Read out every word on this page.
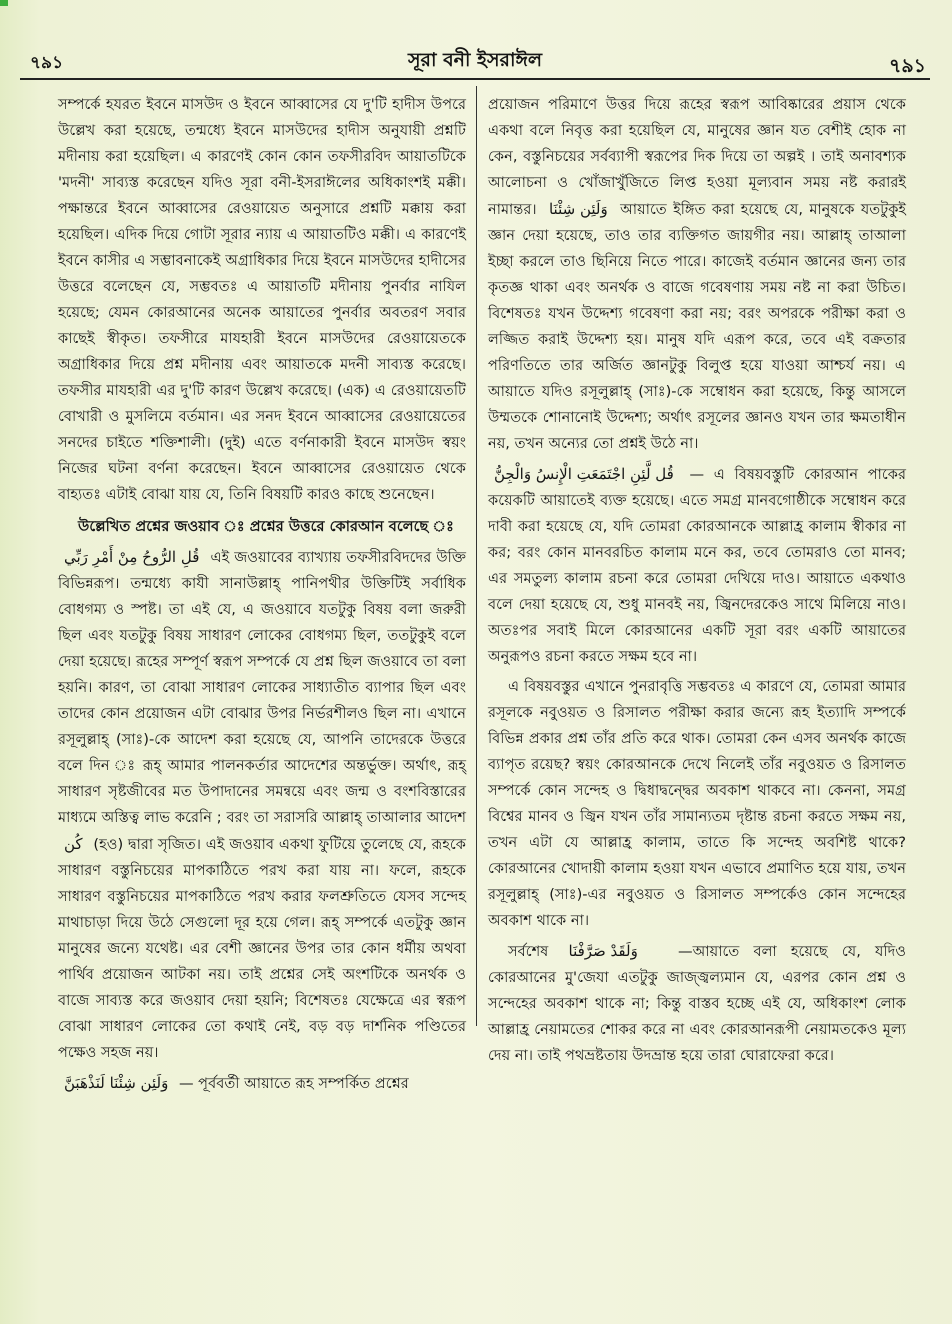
৭৯১	সূরা বনী ইসরাঈল	৭৯১

সম্পর্কে হযরত ইবনে মাসউদ ও ইবনে আব্বাসের যে দু'টি হাদীস উপরে উল্লেখ করা হয়েছে, তন্মধ্যে ইবনে মাসউদের হাদীস অনুযায়ী প্রশ্নটি মদীনায় করা হয়েছিল। এ কারণেই কোন কোন তফসীরবিদ আয়াতটিকে 'মদনী' সাব্যস্ত করেছেন যদিও সূরা বনী-ইসরাঈলের অধিকাংশই মক্কী। পক্ষান্তরে ইবনে আব্বাসের রেওয়ায়েত অনুসারে প্রশ্নটি মক্কায় করা হয়েছিল। এদিক দিয়ে গোটা সূরার ন্যায় এ আয়াতটিও মক্কী। এ কারণেই ইবনে কাসীর এ সম্ভাবনাকেই অগ্রাধিকার দিয়ে ইবনে মাসউদের হাদীসের উত্তরে বলেছেন যে, সম্ভবতঃ এ আয়াতটি মদীনায় পুনর্বার নাযিল হয়েছে; যেমন কোরআনের অনেক আয়াতের পুনর্বার অবতরণ সবার কাছেই স্বীকৃত। তফসীরে মাযহারী ইবনে মাসউদের রেওয়ায়েতকে অগ্রাধিকার দিয়ে প্রশ্ন মদীনায় এবং আয়াতকে মদনী সাব্যস্ত করেছে। তফসীর মাযহারী এর দু'টি কারণ উল্লেখ করেছে। (এক) এ রেওয়ায়েতটি বোখারী ও মুসলিমে বর্তমান। এর সনদ ইবনে আব্বাসের রেওয়ায়েতের সনদের চাইতে শক্তিশালী। (দুই) এতে বর্ণনাকারী ইবনে মাসউদ স্বয়ং নিজের ঘটনা বর্ণনা করেছেন। ইবনে আব্বাসের রেওয়ায়েত থেকে বাহ্যতঃ এটাই বোঝা যায় যে, তিনি বিষয়টি কারও কাছে শুনেছেন।

উল্লেখিত প্রশ্নের জওয়াব ঃ প্রশ্নের উত্তরে কোরআন বলেছে ঃ

قُلِ الرُّوحُ مِنْ أَمْرِ رَبِّي এই জওয়াবের ব্যাখ্যায় তফসীরবিদদের উক্তি বিভিন্নরূপ। তন্মধ্যে কাযী সানাউল্লাহ্ পানিপথীর উক্তিটিই সর্বাধিক বোধগম্য ও স্পষ্ট। তা এই যে, এ জওয়াবে যতটুকু বিষয় বলা জরুরী ছিল এবং যতটুকু বিষয় সাধারণ লোকের বোধগম্য ছিল, ততটুকুই বলে দেয়া হয়েছে। রূহের সম্পূর্ণ স্বরূপ সম্পর্কে যে প্রশ্ন ছিল জওয়াবে তা বলা হয়নি। কারণ, তা বোঝা সাধারণ লোকের সাধ্যাতীত ব্যাপার ছিল এবং তাদের কোন প্রয়োজন এটা বোঝার উপর নির্ভরশীলও ছিল না। এখানে রসূলুল্লাহ্ (সাঃ)-কে আদেশ করা হয়েছে যে, আপনি তাদেরকে উত্তরে বলে দিন ঃ রূহ্ আমার পালনকর্তার আদেশের অন্তর্ভুক্ত। অর্থাৎ, রূহ্ সাধারণ সৃষ্টজীবের মত উপাদানের সমন্বয়ে এবং জন্ম ও বংশবিস্তারের মাধ্যমে অস্তিত্ব লাভ করেনি ; বরং তা সরাসরি আল্লাহ্ তাআলার আদেশ كُن (হও) দ্বারা সৃজিত। এই জওয়াব একথা ফুটিয়ে তুলেছে যে, রূহকে সাধারণ বস্তুনিচয়ের মাপকাঠিতে পরখ করা যায় না। ফলে, রূহকে সাধারণ বস্তুনিচয়ের মাপকাঠিতে পরখ করার ফলশ্রুতিতে যেসব সন্দেহ মাথাচাড়া দিয়ে উঠে সেগুলো দূর হয়ে গেল। রূহ্ সম্পর্কে এতটুকু জ্ঞান মানুষের জন্যে যথেষ্ট। এর বেশী জ্ঞানের উপর তার কোন ধর্মীয় অথবা পার্থিব প্রয়োজন আটকা নয়। তাই প্রশ্নের সেই অংশটিকে অনর্থক ও বাজে সাব্যস্ত করে জওয়াব দেয়া হয়নি; বিশেষতঃ যেক্ষেত্রে এর স্বরূপ বোঝা সাধারণ লোকের তো কথাই নেই, বড় বড় দার্শনিক পণ্ডিতের পক্ষেও সহজ নয়।

وَلَئِن شِئْنَا لَنَذْهَبَنَّ — পূর্ববর্তী আয়াতে রূহ সম্পর্কিত প্রশ্নের

প্রয়োজন পরিমাণে উত্তর দিয়ে রূহের স্বরূপ আবিষ্কারের প্রয়াস থেকে একথা বলে নিবৃত্ত করা হয়েছিল যে, মানুষের জ্ঞান যত বেশীই হোক না কেন, বস্তুনিচয়ের সর্বব্যাপী স্বরূপের দিক দিয়ে তা অল্পই । তাই অনাবশ্যক আলোচনা ও খোঁজাখুঁজিতে লিপ্ত হওয়া মূল্যবান সময় নষ্ট করারই নামান্তর। وَلَئِن شِئْنَا আয়াতে ইঙ্গিত করা হয়েছে যে, মানুষকে যতটুকুই জ্ঞান দেয়া হয়েছে, তাও তার ব্যক্তিগত জায়গীর নয়। আল্লাহ্ তাআলা ইচ্ছা করলে তাও ছিনিয়ে নিতে পারে। কাজেই বর্তমান জ্ঞানের জন্য তার কৃতজ্ঞ থাকা এবং অনর্থক ও বাজে গবেষণায় সময় নষ্ট না করা উচিত। বিশেষতঃ যখন উদ্দেশ্য গবেষণা করা নয়; বরং অপরকে পরীক্ষা করা ও লজ্জিত করাই উদ্দেশ্য হয়। মানুষ যদি এরূপ করে, তবে এই বক্রতার পরিণতিতে তার অর্জিত জ্ঞানটুকু বিলুপ্ত হয়ে যাওয়া আশ্চর্য নয়। এ আয়াতে যদিও রসূলুল্লাহ্ (সাঃ)-কে সম্বোধন করা হয়েছে, কিন্তু আসলে উম্মতকে শোনানোই উদ্দেশ্য; অর্থাৎ রসূলের জ্ঞানও যখন তার ক্ষমতাধীন নয়, তখন অন্যের তো প্রশ্নই উঠে না।

قُل لَّئِنِ اجْتَمَعَتِ الْإِنسُ وَالْجِنُّ — এ বিষয়বস্তুটি কোরআন পাকের কয়েকটি আয়াতেই ব্যক্ত হয়েছে। এতে সমগ্র মানবগোষ্ঠীকে সম্বোধন করে দাবী করা হয়েছে যে, যদি তোমরা কোরআনকে আল্লাহ্র কালাম স্বীকার না কর; বরং কোন মানবরচিত কালাম মনে কর, তবে তোমরাও তো মানব; এর সমতুল্য কালাম রচনা করে তোমরা দেখিয়ে দাও। আয়াতে একথাও বলে দেয়া হয়েছে যে, শুধু মানবই নয়, জ্বিনদেরকেও সাথে মিলিয়ে নাও। অতঃপর সবাই মিলে কোরআনের একটি সূরা বরং একটি আয়াতের অনুরূপও রচনা করতে সক্ষম হবে না।

এ বিষয়বস্তুর এখানে পুনরাবৃত্তি সম্ভবতঃ এ কারণে যে, তোমরা আমার রসূলকে নবুওয়ত ও রিসালত পরীক্ষা করার জন্যে রূহ ইত্যাদি সম্পর্কে বিভিন্ন প্রকার প্রশ্ন তাঁর প্রতি করে থাক। তোমরা কেন এসব অনর্থক কাজে ব্যাপৃত রয়েছ? স্বয়ং কোরআনকে দেখে নিলেই তাঁর নবুওয়ত ও রিসালত সম্পর্কে কোন সন্দেহ ও দ্বিধাদ্বন্দ্বের অবকাশ থাকবে না। কেননা, সমগ্র বিশ্বের মানব ও জ্বিন যখন তাঁর সামান্যতম দৃষ্টান্ত রচনা করতে সক্ষম নয়, তখন এটা যে আল্লাহ্র কালাম, তাতে কি সন্দেহ অবশিষ্ট থাকে? কোরআনের খোদায়ী কালাম হওয়া যখন এভাবে প্রমাণিত হয়ে যায়, তখন রসূলুল্লাহ্ (সাঃ)-এর নবুওয়ত ও রিসালত সম্পর্কেও কোন সন্দেহের অবকাশ থাকে না।

সর্বশেষ وَلَقَدْ صَرَّفْنَا	—আয়াতে বলা হয়েছে যে, যদিও কোরআনের মু'জেযা এতটুকু জাজ্জ্বল্যমান যে, এরপর কোন প্রশ্ন ও সন্দেহের অবকাশ থাকে না; কিন্তু বাস্তব হচ্ছে এই যে, অধিকাংশ লোক আল্লাহ্র নেয়ামতের শোকর করে না এবং কোরআনরূপী নেয়ামতকেও মূল্য দেয় না। তাই পথভ্রষ্টতায় উদভ্রান্ত হয়ে তারা ঘোরাফেরা করে।
